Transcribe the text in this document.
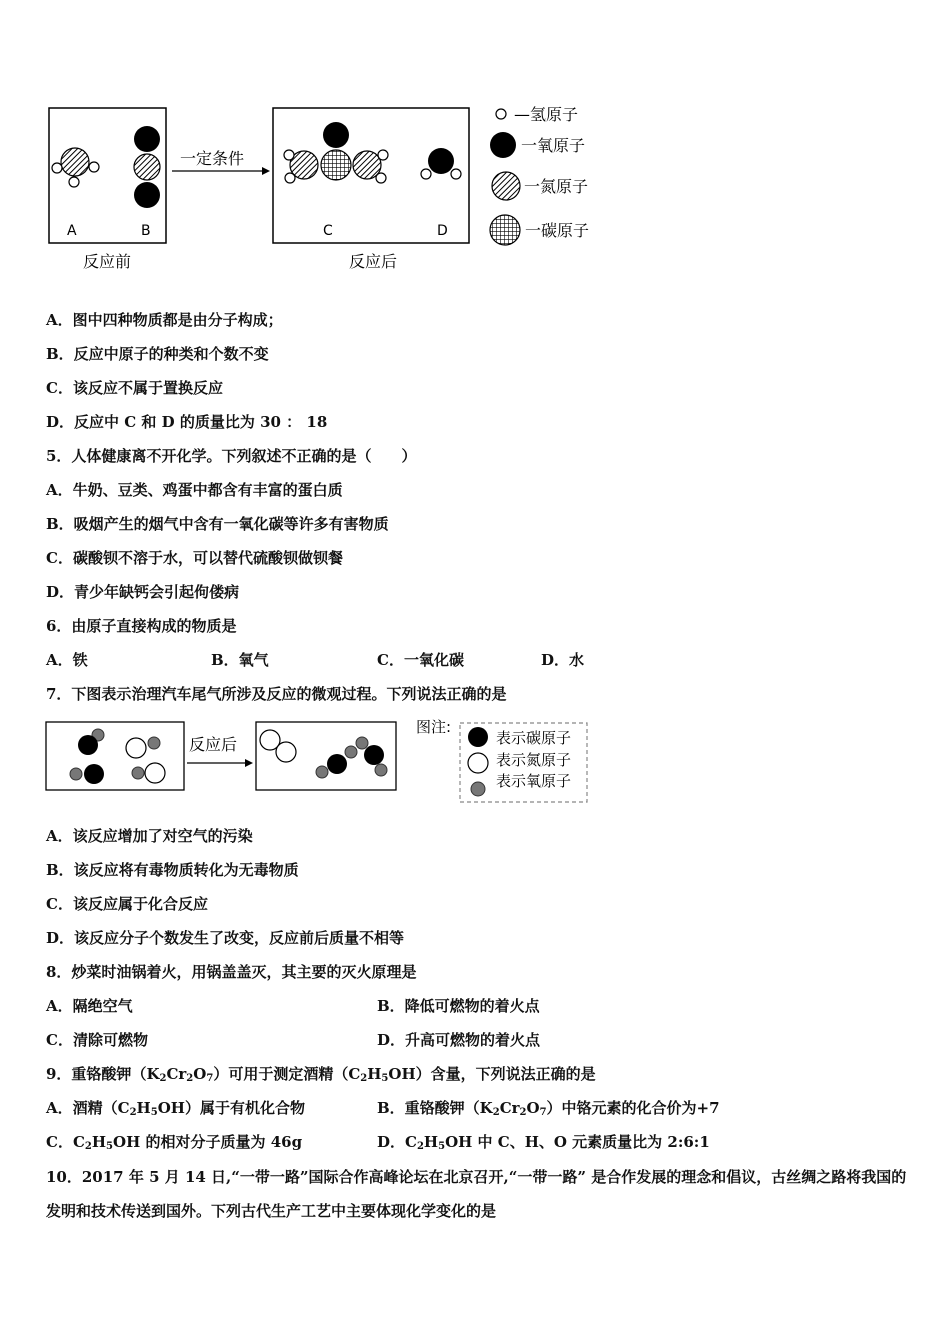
A	B
反应前
一定条件
C	D
反应后
—氢原子
一氧原子
一氮原子
一碳原子
A．图中四种物质都是由分子构成；
B．反应中原子的种类和个数不变
C．该反应不属于置换反应
D．反应中 C 和 D 的质量比为 30 ： 18
5．人体健康离不开化学。下列叙述不正确的是（　　）
A．牛奶、豆类、鸡蛋中都含有丰富的蛋白质
B．吸烟产生的烟气中含有一氧化碳等许多有害物质
C．碳酸钡不溶于水，可以替代硫酸钡做钡餐
D．青少年缺钙会引起佝偻病
6．由原子直接构成的物质是
A．铁	B．氧气	C．一氧化碳	D．水
7．下图表示治理汽车尾气所涉及反应的微观过程。下列说法正确的是
反应后
图注:
表示碳原子
表示氮原子
表示氧原子
A．该反应增加了对空气的污染
B．该反应将有毒物质转化为无毒物质
C．该反应属于化合反应
D．该反应分子个数发生了改变，反应前后质量不相等
8．炒菜时油锅着火，用锅盖盖灭，其主要的灭火原理是
A．隔绝空气	B．降低可燃物的着火点
C．清除可燃物	D．升高可燃物的着火点
9．重铬酸钾$(K_2Cr_2O_7)$可用于测定酒精$(C_2H_5OH)$含量，下列说法正确的是
A．酒精$(C_2H_5OH)$属于有机化合物	B．重铬酸钾$(K_2Cr_2O_7)$中铬元素的化合价为+7
C．$C_2H_5OH$ 的相对分子质量为 46g	D．$C_2H_5OH$ 中 C、H、O 元素质量比为 2:6:1
10．2017 年 5 月 14 日,“一带一路”国际合作高峰论坛在北京召开,“一带一路” 是合作发展的理念和倡议，古丝绸之路将我国的发明和技术传送到国外。下列古代生产工艺中主要体现化学变化的是
